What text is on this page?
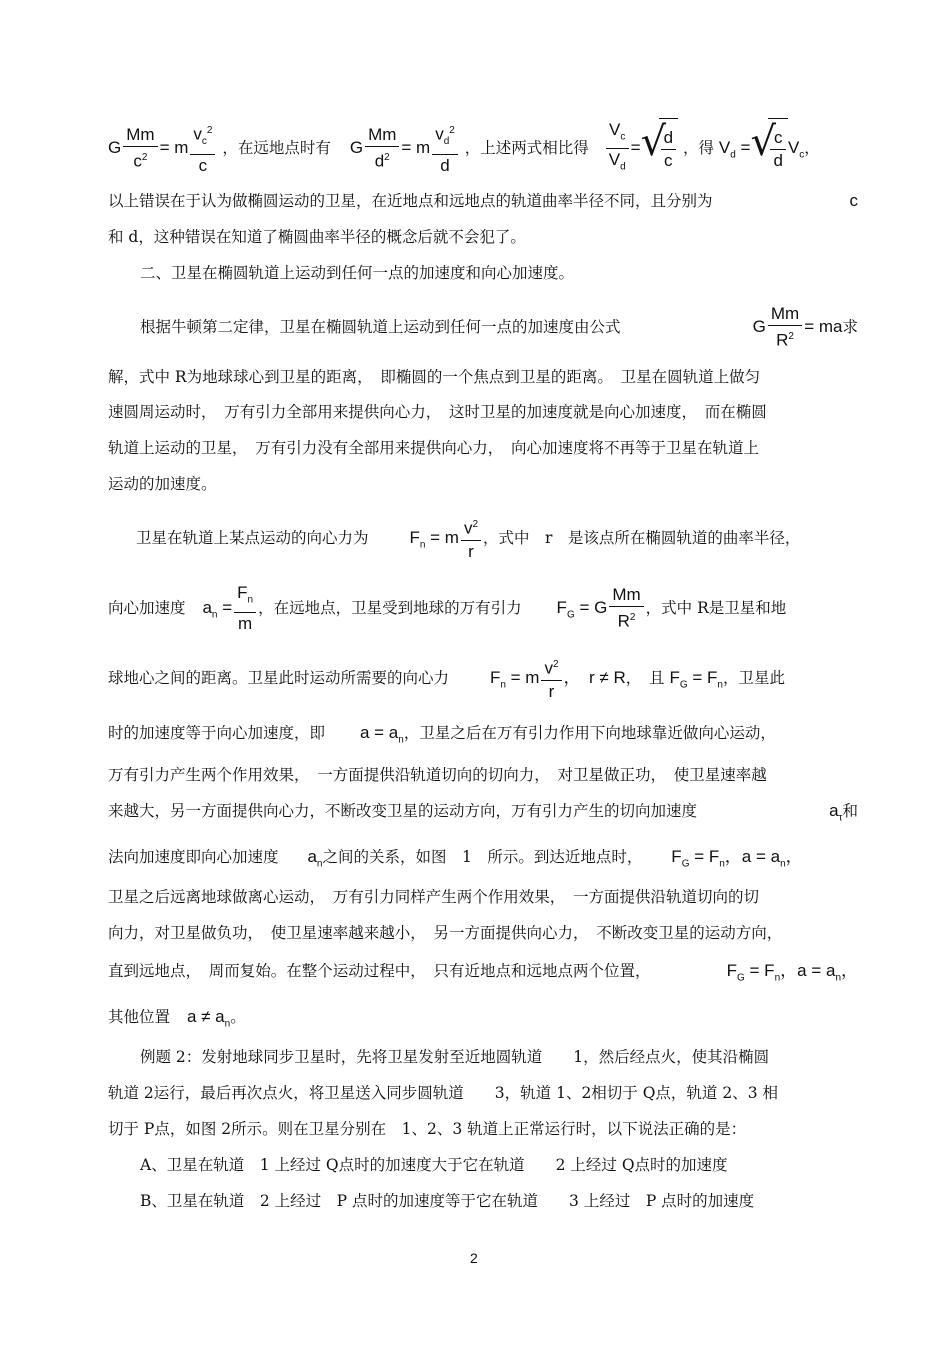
G $\frac{Mm}{c^2} = m \frac{v_c^2}{c}$ ，在远地点时有 G $\frac{Mm}{d^2} = m \frac{v_d^2}{d}$ ，上述两式相比得 $\frac{V_c}{V_d}$ = √
$\frac{d}{c}$ ，得 $V_d$ = √
$\frac{c}{d} V_c$，
以上错误在于认为做椭圆运动的卫星，在近地点和远地点的轨道曲率半径不同，且分别为	c
和 d，这种错误在知道了椭圆曲率半径的概念后就不会犯了。
二、卫星在椭圆轨道上运动到任何一点的加速度和向心加速度。
根据牛顿第二定律，卫星在椭圆轨道上运动到任何一点的加速度由公式	G $\frac{Mm}{R^2}$ = ma求
解，式中 R为地球球心到卫星的距离，　即椭圆的一个焦点到卫星的距离。　卫星在圆轨道上做匀
速圆周运动时，　万有引力全部用来提供向心力，　这时卫星的加速度就是向心加速度，　而在椭圆
轨道上运动的卫星，　万有引力没有全部用来提供向心力，　向心加速度将不再等于卫星在轨道上
运动的加速度。
卫星在轨道上某点运动的向心力为 $F_n = m \frac{v^2}{r}$ ，式中　r　是该点所在椭圆轨道的曲率半径，
向心加速度 $a_n = \frac{F_n}{m}$ ，在远地点，卫星受到地球的万有引力 $F_G = G \frac{Mm}{R^2}$ ，式中 R是卫星和地
球地心之间的距离。卫星此时运动所需要的向心力 $F_n = m \frac{v^2}{r}$ ，　r ≠ R，　且 $F_G = F_n$，卫星此
时的加速度等于向心加速度，即 $a = a_n$，卫星之后在万有引力作用下向地球靠近做向心运动，
万有引力产生两个作用效果，　一方面提供沿轨道切向的切向力，　对卫星做正功，　使卫星速率越
来越大，另一方面提供向心力，不断改变卫星的运动方向，万有引力产生的切向加速度	$a_\tau$和
法向加速度即向心加速度 $a_n$之间的关系，如图　1　所示。到达近地点时， $F_G = F_n$，$a = a_n$，
卫星之后远离地球做离心运动，　万有引力同样产生两个作用效果，　一方面提供沿轨道切向的切
向力，对卫星做负功，　使卫星速率越来越小，　另一方面提供向心力，　不断改变卫星的运动方向，
直到远地点，　周而复始。在整个运动过程中，　只有近地点和远地点两个位置，	$F_G = F_n$，$a = a_n$，
其他位置 $a \ne a_n$。
例题 2：发射地球同步卫星时，先将卫星发射至近地圆轨道　　1，然后经点火，使其沿椭圆
轨道 2运行，最后再次点火，将卫星送入同步圆轨道　　3，轨道 1、2相切于 Q点，轨道 2、3 相
切于 P点，如图 2所示。则在卫星分别在　1、2、3 轨道上正常运行时，以下说法正确的是：
A、卫星在轨道　1 上经过 Q点时的加速度大于它在轨道　　2 上经过 Q点时的加速度
B、卫星在轨道　2 上经过　P 点时的加速度等于它在轨道　　3 上经过　P 点时的加速度
2
